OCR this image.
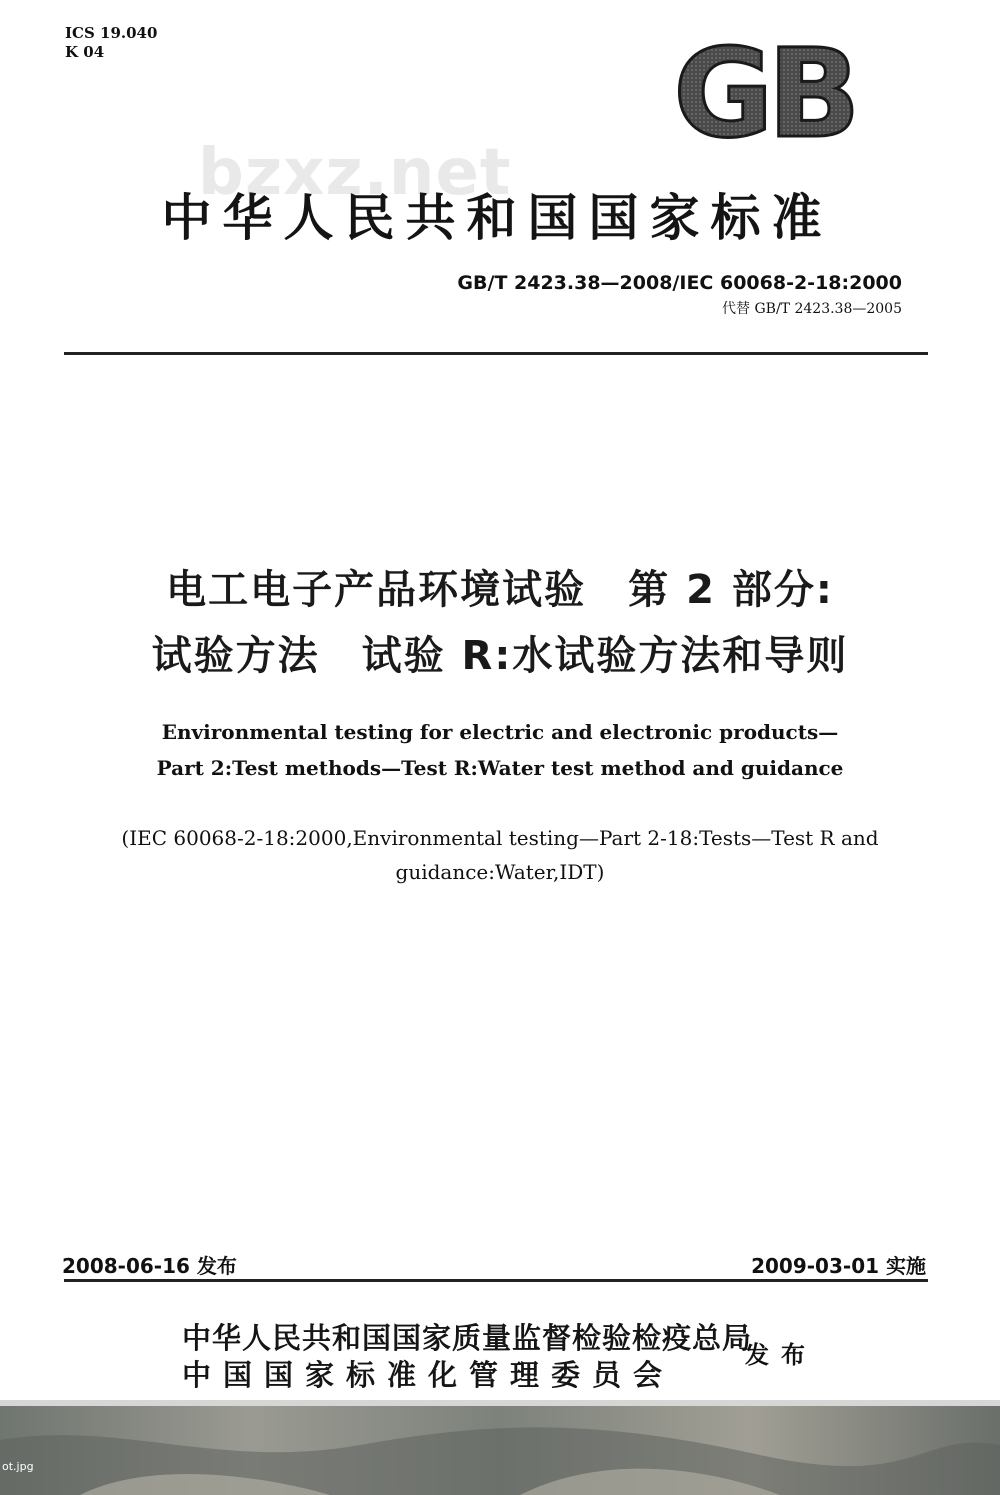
ICS 19.040
K 04	GB
bzxz.net
中华人民共和国国家标准
GB/T 2423.38—2008/IEC 60068-2-18:2000
代替 GB/T 2423.38—2005
电工电子产品环境试验　第 2 部分:
试验方法　试验 R:水试验方法和导则
Environmental testing for electric and electronic products—
Part 2:Test methods—Test R:Water test method and guidance
(IEC 60068-2-18:2000,Environmental testing—Part 2-18:Tests—Test R and
guidance:Water,IDT)
2008-06-16 发布	2009-03-01 实施
中华人民共和国国家质量监督检验检疫总局
中国国家标准化管理委员会
发布
ot.jpg
